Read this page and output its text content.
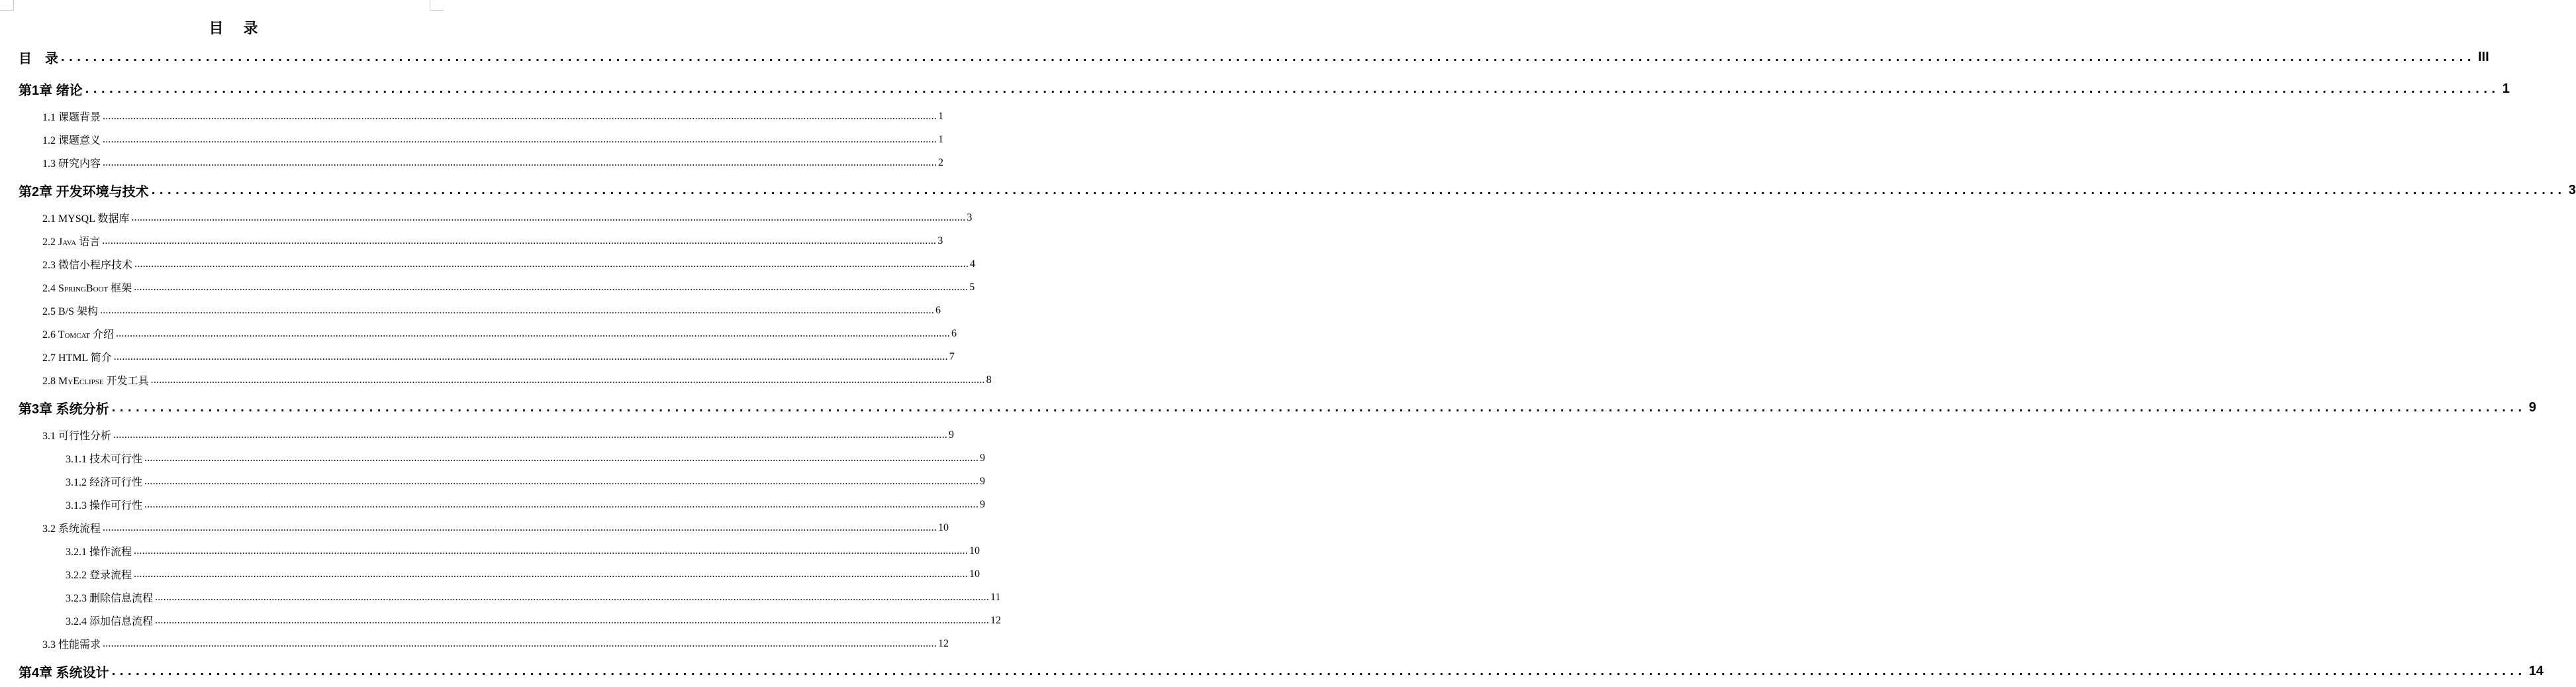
目 录
目　录 ............................................................................................................................................................................................................................................................................................................ III
第1章 绪论 ............................................................................................................................................................................................................................................................................................................ 1
1.1 课题背景 ............................................................................................................................................................................................................................................................................................................ 1
1.2 课题意义 ............................................................................................................................................................................................................................................................................................................ 1
1.3 研究内容 ............................................................................................................................................................................................................................................................................................................ 2
第2章 开发环境与技术 ............................................................................................................................................................................................................................................................................................................ 3
2.1 MYSQL 数据库 ............................................................................................................................................................................................................................................................................................................ 3
2.2 Java 语言 ............................................................................................................................................................................................................................................................................................................ 3
2.3 微信小程序技术 ............................................................................................................................................................................................................................................................................................................ 4
2.4 SpringBoot 框架 ............................................................................................................................................................................................................................................................................................................ 5
2.5 B/S 架构 ............................................................................................................................................................................................................................................................................................................ 6
2.6 Tomcat 介绍 ............................................................................................................................................................................................................................................................................................................ 6
2.7 HTML 简介 ............................................................................................................................................................................................................................................................................................................ 7
2.8 MyEclipse 开发工具 ............................................................................................................................................................................................................................................................................................................ 8
第3章 系统分析 ............................................................................................................................................................................................................................................................................................................ 9
3.1 可行性分析 ............................................................................................................................................................................................................................................................................................................ 9
3.1.1 技术可行性 ............................................................................................................................................................................................................................................................................................................ 9
3.1.2 经济可行性 ............................................................................................................................................................................................................................................................................................................ 9
3.1.3 操作可行性 ............................................................................................................................................................................................................................................................................................................ 9
3.2 系统流程 ............................................................................................................................................................................................................................................................................................................ 10
3.2.1 操作流程 ............................................................................................................................................................................................................................................................................................................ 10
3.2.2 登录流程 ............................................................................................................................................................................................................................................................................................................ 10
3.2.3 删除信息流程 ............................................................................................................................................................................................................................................................................................................ 11
3.2.4 添加信息流程 ............................................................................................................................................................................................................................................................................................................ 12
3.3 性能需求 ............................................................................................................................................................................................................................................................................................................ 12
第4章 系统设计 ............................................................................................................................................................................................................................................................................................................ 14
